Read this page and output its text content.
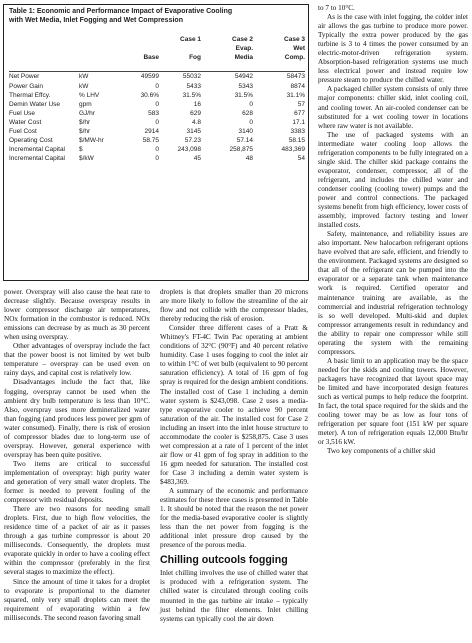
Table 1: Economic and Performance Impact of Evaporative Cooling
with Wet Media, Inlet Fogging and Wet Compression
			Case 1	Case 2	Case 3
				Evap.	Wet
		Base	Fog	Media	Comp.

Net Power	kW	49599	55032	54942	58473
Power Gain	kW	0	5433	5343	8874
Thermal Effcy.	% LHV	30.6%	31.5%	31.5%	31.1%
Demin Water Use	gpm	0	16	0	57
Fuel Use	GJ/hr	583	629	628	677
Water Cost	$/hr	0	4.8	0	17.1
Fuel Cost	$/hr	2914	3145	3140	3383
Operating Cost	$/MW-hr	58.75	57.23	57.14	58.15
Incremental Capital	$	0	243,098	258,875	483,369
Incremental Capital	$/kW	0	45	48	54

power. Overspray will also cause the heat rate to decrease slightly. Because overspray results in lower compressor discharge air temperatures, NOx formation in the combustor is reduced. NOx emissions can decrease by as much as 30 percent when using overspray.

Other advantages of overspray include the fact that the power boost is not limited by wet bulb temperature – overspray can be used even on rainy days, and capital cost is relatively low.

Disadvantages include the fact that, like fogging, overspray cannot be used when the ambient dry bulb temperature is less than 10°C. Also, overspray uses more demineralized water than fogging (and produces less power per gpm of water consumed). Finally, there is risk of erosion of compressor blades due to long-term use of overspray. However, general experience with overspray has been quite positive.

Two items are critical to successful implementation of overspray: high purity water and generation of very small water droplets. The former is needed to prevent fouling of the compressor with residual deposits.

There are two reasons for needing small droplets. First, due to high flow velocities, the residence time of a packet of air as it passes through a gas turbine compressor is about 20 milliseconds. Consequently, the droplets must evaporate quickly in order to have a cooling effect within the compressor (preferably in the first several stages to maximize the effect).

Since the amount of time it takes for a droplet to evaporate is proportional to the diameter squared, only very small droplets can meet the requirement of evaporating within a few milliseconds. The second reason favoring small

droplets is that droplets smaller than 20 microns are more likely to follow the streamline of the air flow and not collide with the compressor blades, thereby reducing the risk of erosion.

Consider three different cases of a Pratt & Whitney's FT-4C Twin Pac operating at ambient conditions of 32°C (90°F) and 40 percent relative humidity. Case 1 uses fogging to cool the inlet air to within 1°C of wet bulb (equivalent to 90 percent saturation efficiency). A total of 16 gpm of fog spray is required for the design ambient conditions. The installed cost of Case 1 including a demin water system is $243,098. Case 2 uses a media-type evaporative cooler to achieve 90 percent saturation of the air. The installed cost for Case 2 including an insert into the inlet house structure to accommodate the cooler is $258,875. Case 3 uses wet compression at a rate of 1 percent of the inlet air flow or 41 gpm of fog spray in addition to the 16 gpm needed for saturation. The installed cost for Case 3 including a demin water system is $483,369.

A summary of the economic and performance estimates for these three cases is presented in Table 1. It should be noted that the reason the net power for the media-based evaporative cooler is slightly less than the net power from fogging is the additional inlet pressure drop caused by the presence of the porous media.

Chilling outcools fogging

Inlet chilling involves the use of chilled water that is produced with a refrigeration system. The chilled water is circulated through cooling coils mounted in the gas turbine air intake – typically just behind the filter elements. Inlet chilling systems can typically cool the air down

to 7 to 10°C.

As is the case with inlet fogging, the colder inlet air allows the gas turbine to produce more power. Typically the extra power produced by the gas turbine is 3 to 4 times the power consumed by an electric-motor-driven refrigeration system. Absorption-based refrigeration systems use much less electrical power and instead require low pressure steam to produce the chilled water.

A packaged chiller system consists of only three major components: chiller skid, inlet cooling coil, and cooling tower. An air-cooled condenser can be substituted for a wet cooling tower in locations where raw water is not available.

The use of packaged systems with an intermediate water cooling loop allows the refrigeration components to be fully integrated on a single skid. The chiller skid package contains the evaporator, condenser, compressor, all of the refrigerant, and includes the chilled water and condenser cooling (cooling tower) pumps and the power and control connections. The packaged systems benefit from high efficiency, lower costs of assembly, improved factory testing and lower installed costs.

Safety, maintenance, and reliability issues are also important. New halocarbon refrigerant options have evolved that are safe, efficient, and friendly to the environment. Packaged systems are designed so that all of the refrigerant can be pumped into the evaporator or a separate tank when maintenance work is required. Certified operator and maintenance training are available, as the commercial and industrial refrigeration technology is so well developed. Multi-skid and duplex compressor arrangements result in redundancy and the ability to repair one compressor while still operating the system with the remaining compressors.

A basic limit to an application may be the space needed for the skids and cooling towers. However, packagers have recognized that layout space may be limited and have incorporated design features such as vertical pumps to help reduce the footprint. In fact, the total space required for the skids and the cooling tower may be as low as four tons of refrigeration per square foot (151 kW per square meter). A ton of refrigeration equals 12,000 Btu/hr or 3,516 kW.

Two key components of a chiller skid
